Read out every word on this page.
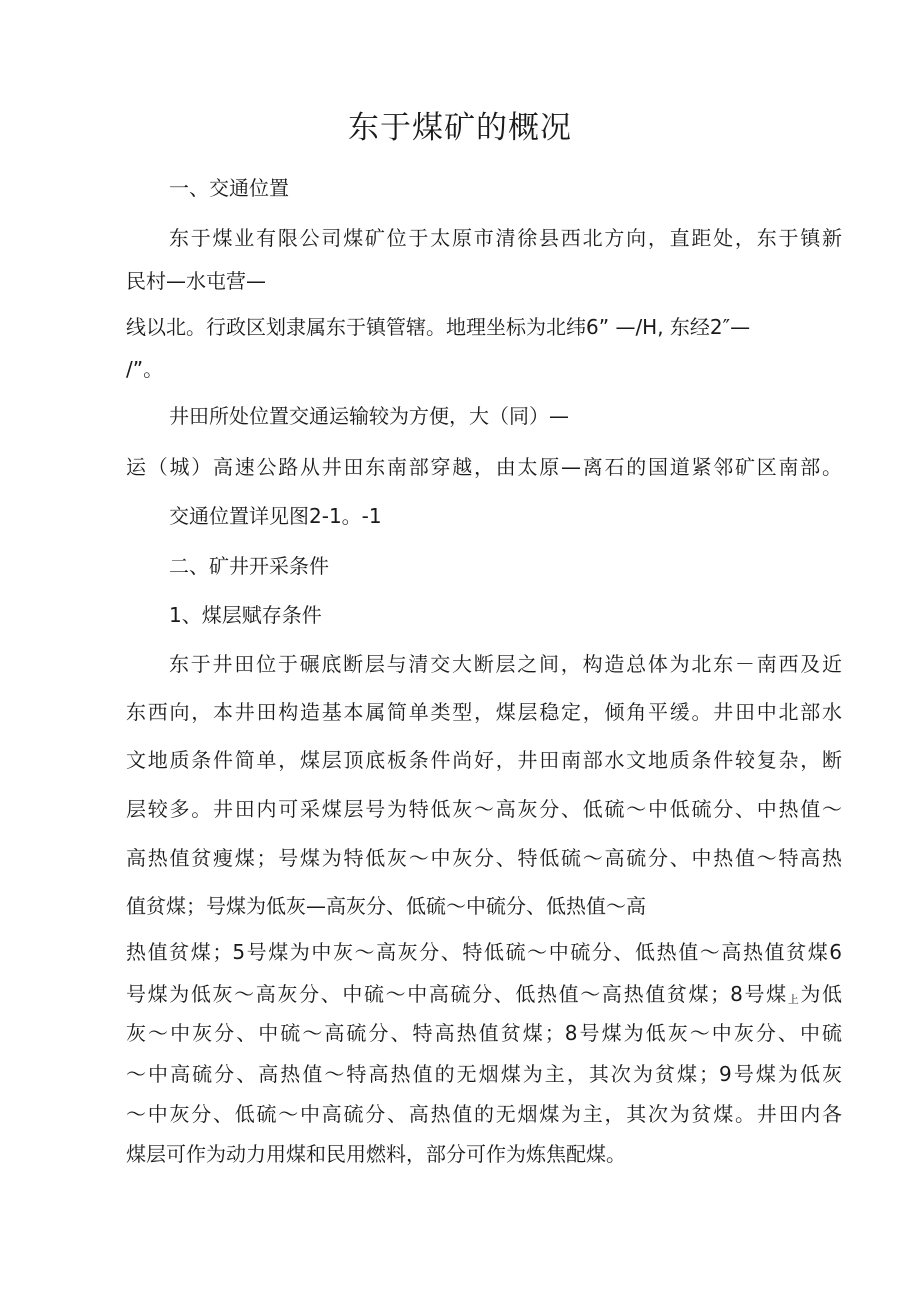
东于煤矿的概况

一、交通位置

东于煤业有限公司煤矿位于太原市清徐县西北方向，直距处，东于镇新

民村—水屯营—

线以北。行政区划隶属东于镇管辖。地理坐标为北纬6” —/H, 东经2″—

/”。

井田所处位置交通运输较为方便，大（同）—

运（城）高速公路从井田东南部穿越，由太原—离石的国道紧邻矿区南部。

交通位置详见图2-1。-1

二、矿井开采条件

1、煤层赋存条件

东于井田位于碾底断层与清交大断层之间，构造总体为北东－南西及近

东西向，本井田构造基本属简单类型，煤层稳定，倾角平缓。井田中北部水

文地质条件简单，煤层顶底板条件尚好，井田南部水文地质条件较复杂，断

层较多。井田内可采煤层号为特低灰～高灰分、低硫～中低硫分、中热值～

高热值贫瘦煤；号煤为特低灰～中灰分、特低硫～高硫分、中热值～特高热

值贫煤；号煤为低灰—高灰分、低硫～中硫分、低热值～高

热值贫煤；5号煤为中灰～高灰分、特低硫～中硫分、低热值～高热值贫煤6

号煤为低灰～高灰分、中硫～中高硫分、低热值～高热值贫煤；8号煤上为低

灰～中灰分、中硫～高硫分、特高热值贫煤；8号煤为低灰～中灰分、中硫

～中高硫分、高热值～特高热值的无烟煤为主，其次为贫煤；9号煤为低灰

～中灰分、低硫～中高硫分、高热值的无烟煤为主，其次为贫煤。井田内各

煤层可作为动力用煤和民用燃料，部分可作为炼焦配煤。
